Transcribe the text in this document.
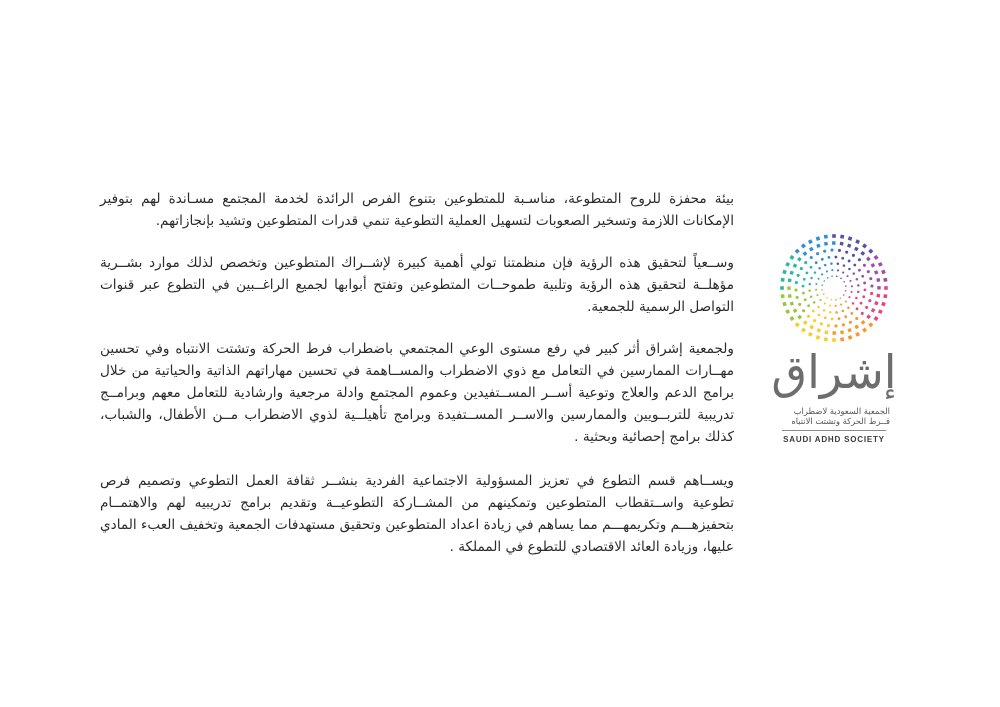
بيئة محفزة للروح المتطوعة، مناسـبة للمتطوعين بتنوع الفرص الرائدة لخدمة المجتمع مسـاندة لهم بتوفير الإمكانات اللازمة وتسخير الصعوبات لتسهيل العملية التطوعية تنمي قدرات المتطوعين وتشيد بإنجازاتهم.

وســعياً لتحقيق هذه الرؤية فإن منظمتنا تولي أهمية كبيرة لإشــراك المتطوعين وتخصص لذلك موارد بشــرية مؤهلــة لتحقيق هذه الرؤية وتلبية طموحــات المتطوعين وتفتح أبوابها لجميع الراغــبين في التطوع عبر قنوات التواصل الرسمية للجمعية.

ولجمعية إشراق أثر كبير في رفع مستوى الوعي المجتمعي باضطراب فرط الحركة وتشتت الانتباه وفي تحسين مهــارات الممارسين في التعامل مع ذوي الاضطراب والمســاهمة في تحسين مهاراتهم الذاتية والحياتية من خلال برامج الدعم والعلاج وتوعية أســر المســتفيدين وعموم المجتمع وادلة مرجعية وارشادية للتعامل معهم وبرامــج تدريبية للتربــويين والممارسين والاســر المســتفيدة وبرامج تأهيلــية لذوي الاضطراب مــن الأطفال، والشباب، كذلك برامج إحصائية وبحثية .

ويســاهم قسم التطوع في تعزيز المسؤولية الاجتماعية الفردية بنشــر ثقافة العمل التطوعي وتصميم فرص تطوعية واســتقطاب المتطوعين وتمكينهم من المشــاركة التطوعيــة وتقديم برامج تدريبيه لهم والاهتمــام بتحفيزهـــم وتكريمهـــم مما يساهم في زيادة اعداد المتطوعين وتحقيق مستهدفات الجمعية وتخفيف العبء المادي عليها، وزيادة العائد الاقتصادي للتطوع في المملكة .

إشراق
الجمعية السعودية لاضطراب
فــرط الحركة وتشتت الانتباه
SAUDI ADHD SOCIETY
